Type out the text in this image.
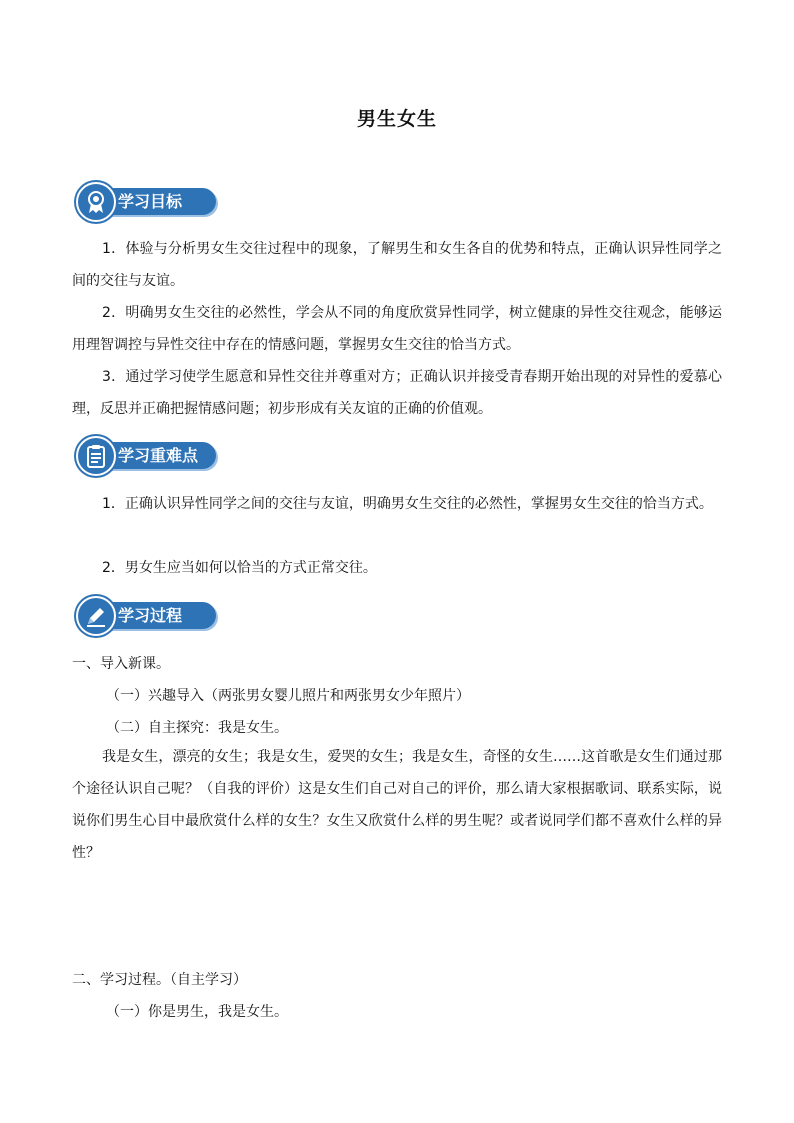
男生女生
学习目标
1．体验与分析男女生交往过程中的现象，了解男生和女生各自的优势和特点，正确认识异性同学之间的交往与友谊。
2．明确男女生交往的必然性，学会从不同的角度欣赏异性同学，树立健康的异性交往观念，能够运用理智调控与异性交往中存在的情感问题，掌握男女生交往的恰当方式。
3．通过学习使学生愿意和异性交往并尊重对方；正确认识并接受青春期开始出现的对异性的爱慕心理，反思并正确把握情感问题；初步形成有关友谊的正确的价值观。
学习重难点
1．正确认识异性同学之间的交往与友谊，明确男女生交往的必然性，掌握男女生交往的恰当方式。
2．男女生应当如何以恰当的方式正常交往。
学习过程
一、导入新课。
（一）兴趣导入（两张男女婴儿照片和两张男女少年照片）
（二）自主探究：我是女生。
我是女生，漂亮的女生；我是女生，爱哭的女生；我是女生，奇怪的女生……这首歌是女生们通过那个途径认识自己呢？（自我的评价）这是女生们自己对自己的评价，那么请大家根据歌词、联系实际，说说你们男生心目中最欣赏什么样的女生？女生又欣赏什么样的男生呢？或者说同学们都不喜欢什么样的异性？
二、学习过程。（自主学习）
（一）你是男生，我是女生。
